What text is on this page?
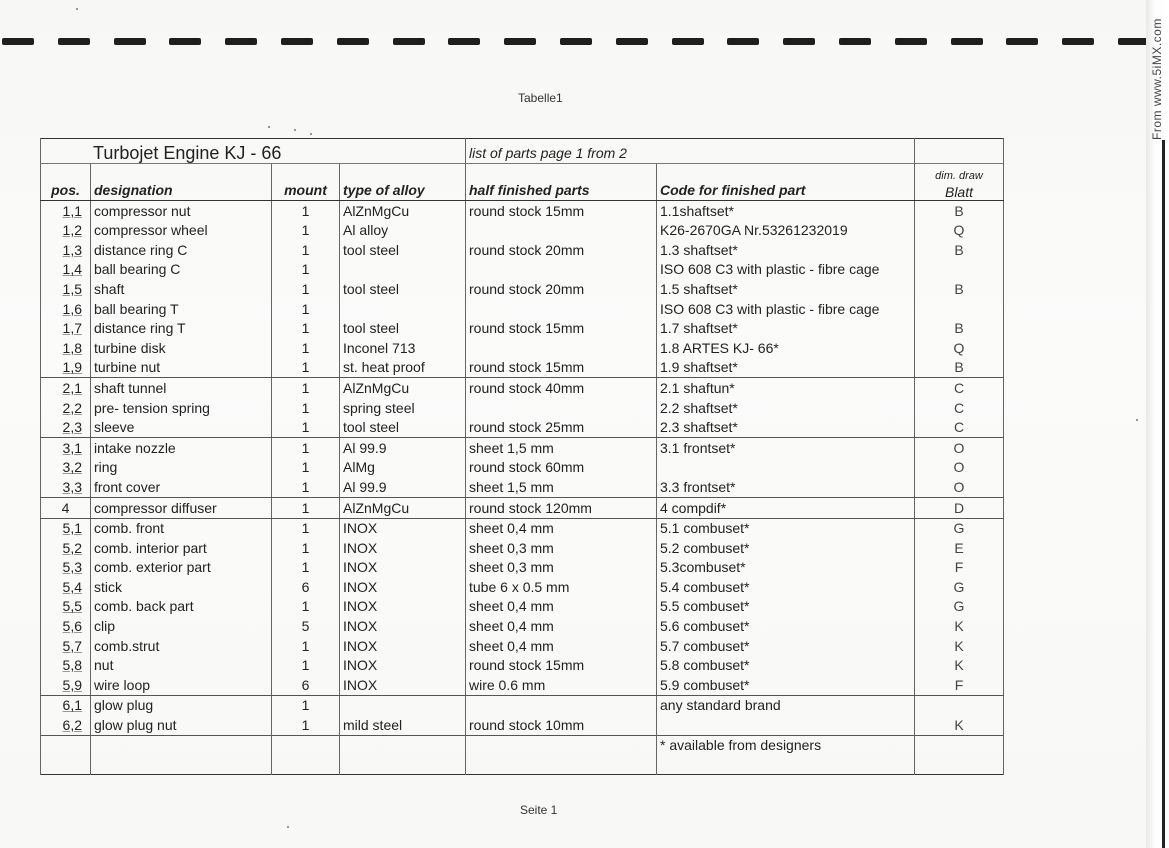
From www.5iMX.com
Tabelle1
Turbojet Engine KJ - 66				list of parts page 1 from 2		
pos.	designation	mount	type of alloy	half finished parts	Code for finished part	dim. draw
Blatt
1,1	compressor nut	1	AlZnMgCu	round stock 15mm	1.1shaftset*	B
1,2	compressor wheel	1	Al alloy		K26-2670GA Nr.53261232019	Q
1,3	distance ring C	1	tool steel	round stock 20mm	1.3 shaftset*	B
1,4	ball bearing C	1			ISO 608 C3 with plastic - fibre cage	
1,5	shaft	1	tool steel	round stock 20mm	1.5 shaftset*	B
1,6	ball bearing T	1			ISO 608 C3 with plastic - fibre cage	
1,7	distance ring T	1	tool steel	round stock 15mm	1.7 shaftset*	B
1,8	turbine disk	1	Inconel 713		1.8 ARTES KJ- 66*	Q
1,9	turbine nut	1	st. heat proof	round stock 15mm	1.9 shaftset*	B
2,1	shaft tunnel	1	AlZnMgCu	round stock 40mm	2.1 shaftun*	C
2,2	pre- tension spring	1	spring steel		2.2 shaftset*	C
2,3	sleeve	1	tool steel	round stock 25mm	2.3 shaftset*	C
3,1	intake nozzle	1	Al 99.9	sheet 1,5 mm	3.1 frontset*	O
3,2	ring	1	AlMg	round stock 60mm		O
3,3	front cover	1	Al 99.9	sheet 1,5 mm	3.3 frontset*	O
4	compressor diffuser	1	AlZnMgCu	round stock 120mm	4 compdif*	D
5,1	comb. front	1	INOX	sheet 0,4 mm	5.1 combuset*	G
5,2	comb. interior part	1	INOX	sheet 0,3 mm	5.2 combuset*	E
5,3	comb. exterior part	1	INOX	sheet 0,3 mm	5.3combuset*	F
5,4	stick	6	INOX	tube 6 x 0.5 mm	5.4 combuset*	G
5,5	comb. back part	1	INOX	sheet 0,4 mm	5.5 combuset*	G
5,6	clip	5	INOX	sheet 0,4 mm	5.6 combuset*	K
5,7	comb.strut	1	INOX	sheet 0,4 mm	5.7 combuset*	K
5,8	nut	1	INOX	round stock 15mm	5.8 combuset*	K
5,9	wire loop	6	INOX	wire 0.6 mm	5.9 combuset*	F
6,1	glow plug	1			any standard brand	
6,2	glow plug nut	1	mild steel	round stock 10mm		K
					* available from designers	
Seite 1
